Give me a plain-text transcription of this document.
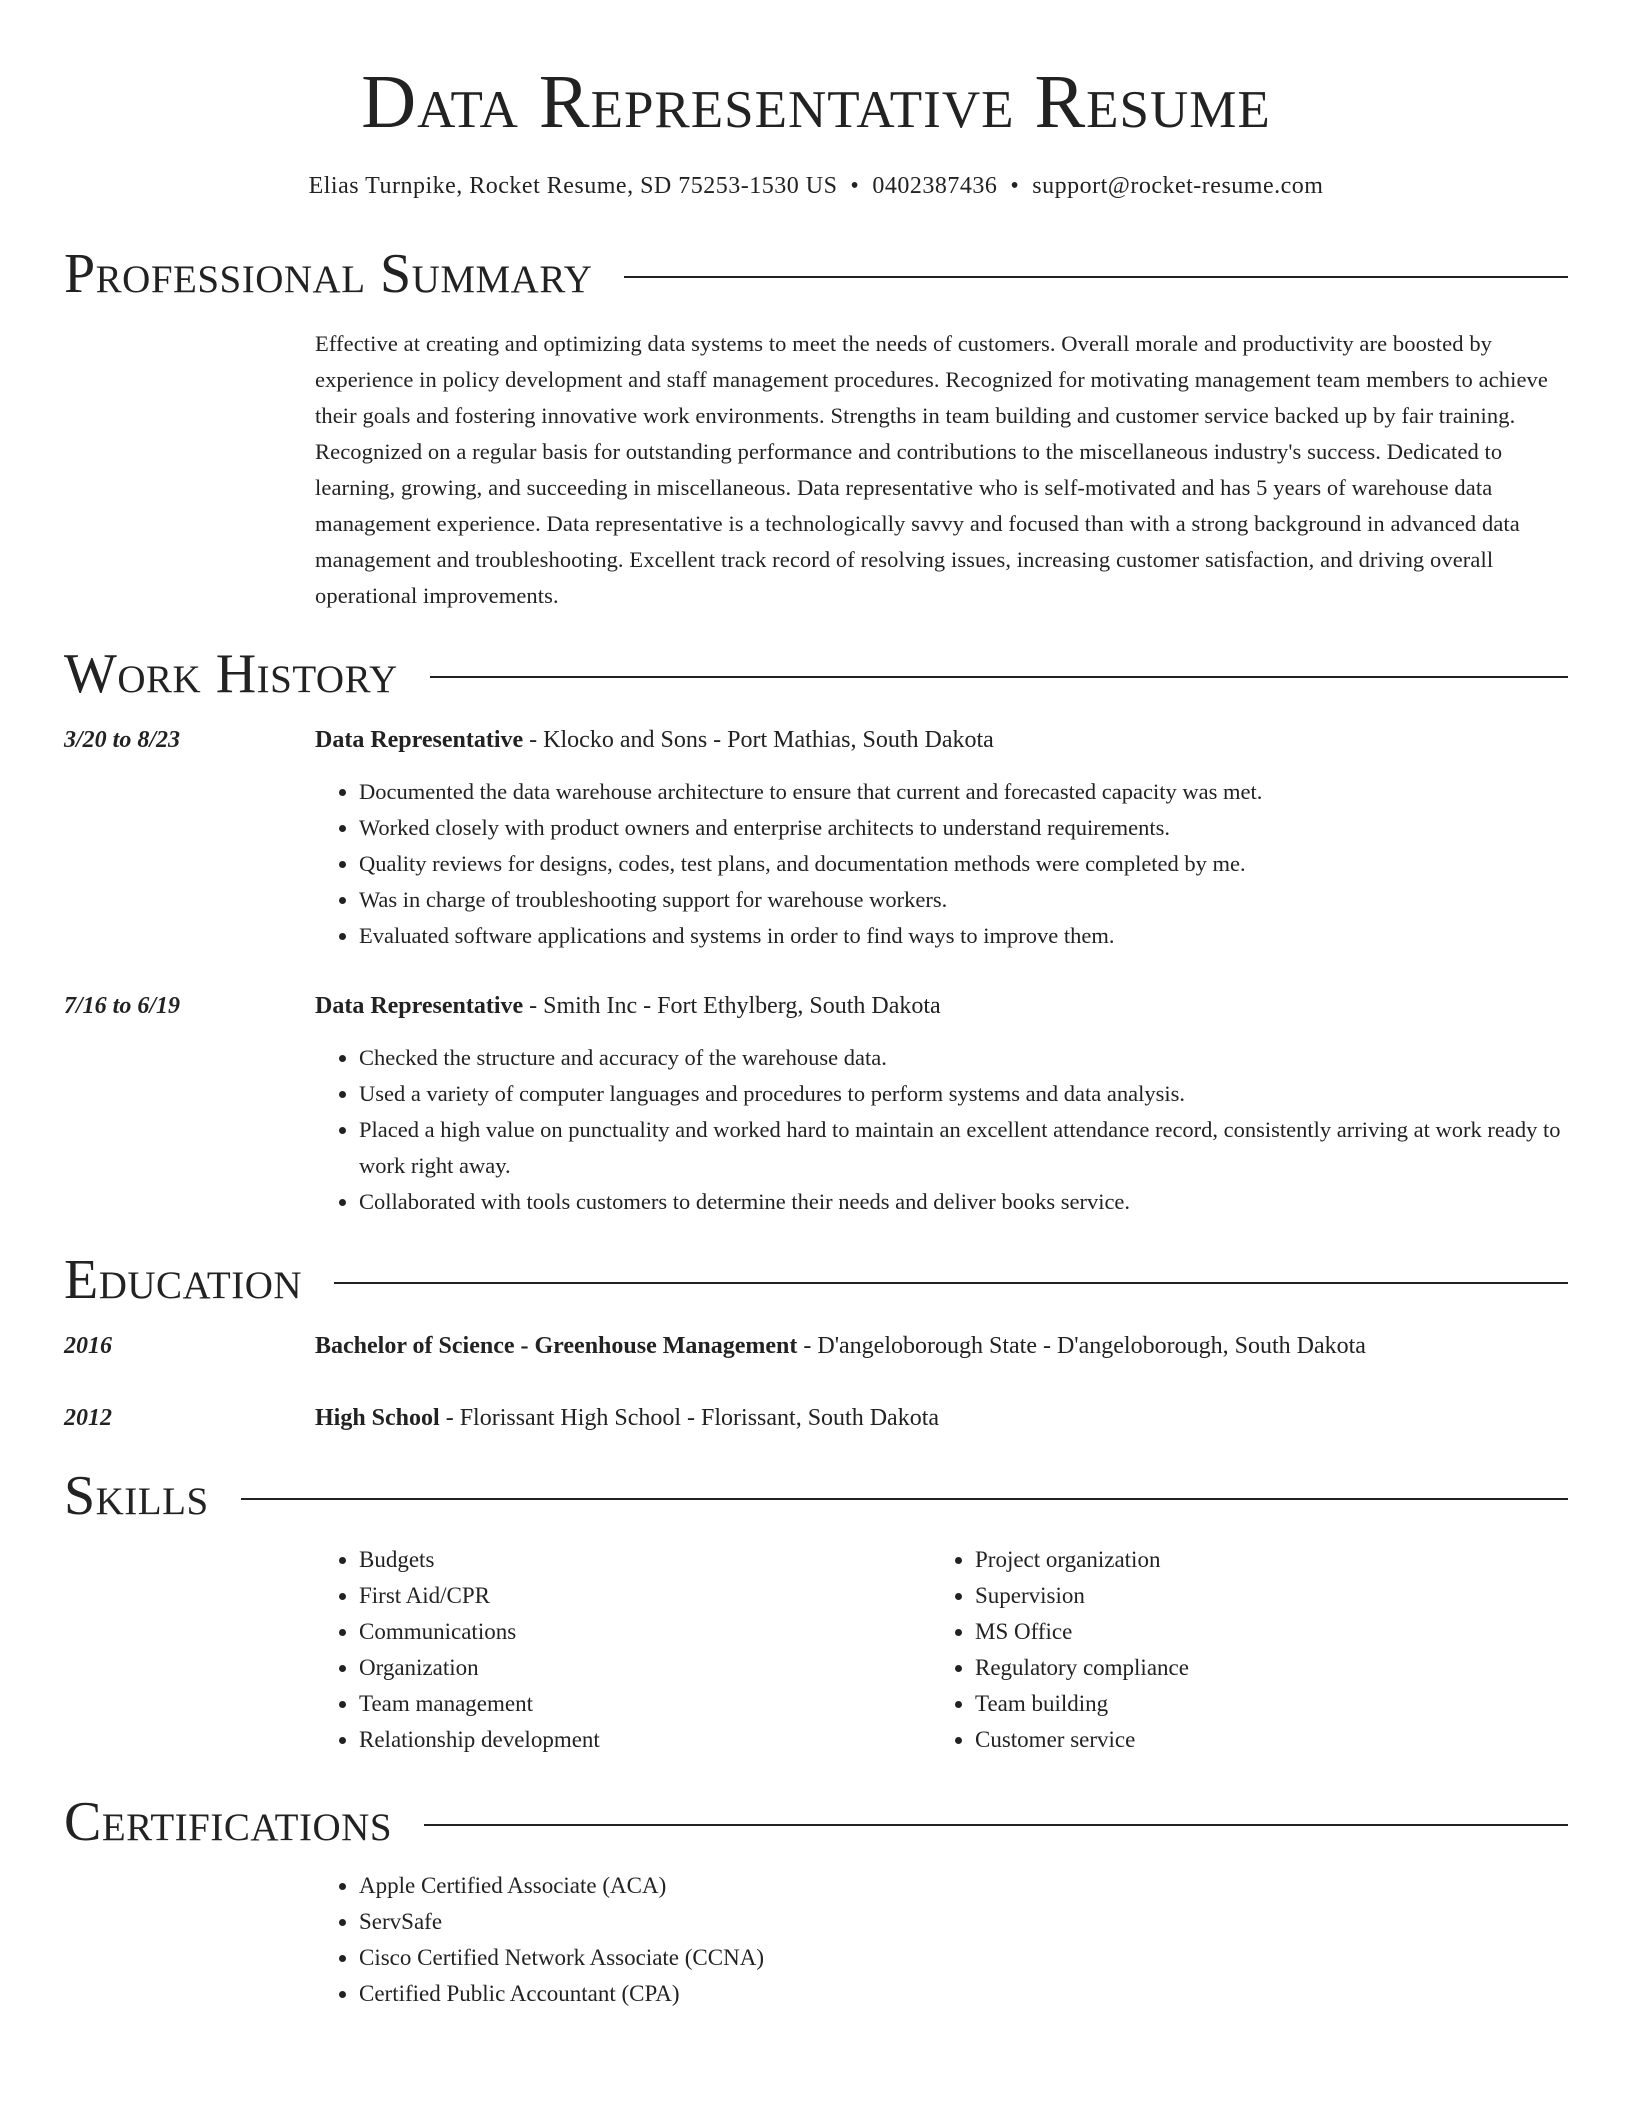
Data Representative Resume
Elias Turnpike, Rocket Resume, SD 75253-1530 US • 0402387436 • support@rocket-resume.com
Professional Summary
Effective at creating and optimizing data systems to meet the needs of customers. Overall morale and productivity are boosted by experience in policy development and staff management procedures. Recognized for motivating management team members to achieve their goals and fostering innovative work environments. Strengths in team building and customer service backed up by fair training. Recognized on a regular basis for outstanding performance and contributions to the miscellaneous industry's success. Dedicated to learning, growing, and succeeding in miscellaneous. Data representative who is self-motivated and has 5 years of warehouse data management experience. Data representative is a technologically savvy and focused than with a strong background in advanced data management and troubleshooting. Excellent track record of resolving issues, increasing customer satisfaction, and driving overall operational improvements.
Work History
3/20 to 8/23	Data Representative - Klocko and Sons - Port Mathias, South Dakota
• Documented the data warehouse architecture to ensure that current and forecasted capacity was met.
• Worked closely with product owners and enterprise architects to understand requirements.
• Quality reviews for designs, codes, test plans, and documentation methods were completed by me.
• Was in charge of troubleshooting support for warehouse workers.
• Evaluated software applications and systems in order to find ways to improve them.
7/16 to 6/19	Data Representative - Smith Inc - Fort Ethylberg, South Dakota
• Checked the structure and accuracy of the warehouse data.
• Used a variety of computer languages and procedures to perform systems and data analysis.
• Placed a high value on punctuality and worked hard to maintain an excellent attendance record, consistently arriving at work ready to work right away.
• Collaborated with tools customers to determine their needs and deliver books service.
Education
2016	Bachelor of Science - Greenhouse Management - D'angeloborough State - D'angeloborough, South Dakota
2012	High School - Florissant High School - Florissant, South Dakota
Skills
• Budgets
• First Aid/CPR
• Communications
• Organization
• Team management
• Relationship development
• Project organization
• Supervision
• MS Office
• Regulatory compliance
• Team building
• Customer service
Certifications
• Apple Certified Associate (ACA)
• ServSafe
• Cisco Certified Network Associate (CCNA)
• Certified Public Accountant (CPA)
